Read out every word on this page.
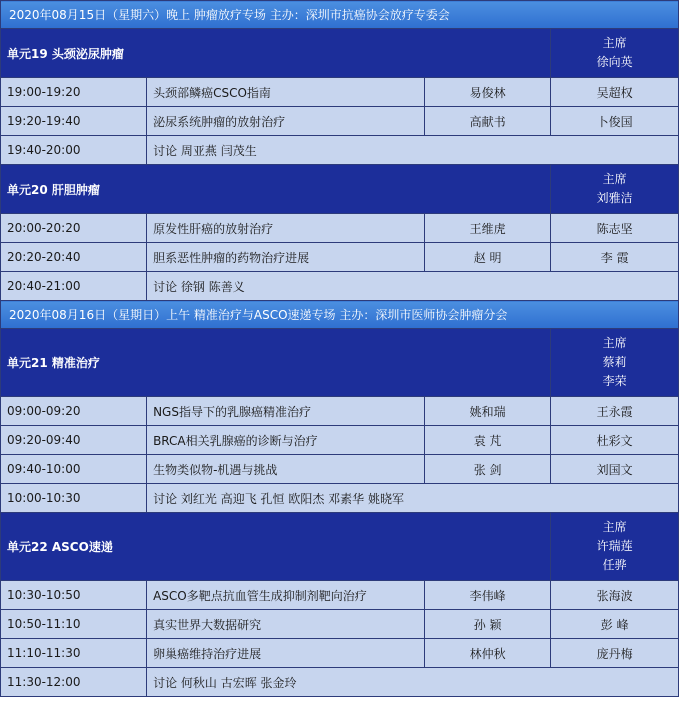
2020年08月15日（星期六）晚上 肿瘤放疗专场 主办：深圳市抗癌协会放疗专委会			
单元19 头颈泌尿肿瘤			主席
徐向英

19:00-19:20	头颈部鳞癌CSCO指南	易俊林	吴超权
19:20-19:40	泌尿系统肿瘤的放射治疗	高献书	卜俊国
19:40-20:00	讨论 周亚燕 闫茂生		
单元20 肝胆肿瘤			主席
刘雅洁

20:00-20:20	原发性肝癌的放射治疗	王维虎	陈志坚
20:20-20:40	胆系恶性肿瘤的药物治疗进展	赵 明	李 霞
20:40-21:00	讨论 徐钢 陈善义		
2020年08月16日（星期日）上午 精准治疗与ASCO速递专场 主办：深圳市医师协会肿瘤分会			
单元21 精准治疗			主席
蔡莉
李荣

09:00-09:20	NGS指导下的乳腺癌精准治疗	姚和瑞	王永霞
09:20-09:40	BRCA相关乳腺癌的诊断与治疗	袁 芃	杜彩文
09:40-10:00	生物类似物-机遇与挑战	张 剑	刘国文
10:00-10:30	讨论 刘红光 高迎飞 孔恒 欧阳杰 邓素华 姚晓军		
单元22 ASCO速递			主席
许瑞莲
任骅

10:30-10:50	ASCO多靶点抗血管生成抑制剂靶向治疗	李伟峰	张海波
10:50-11:10	真实世界大数据研究	孙 颖	彭 峰
11:10-11:30	卵巢癌维持治疗进展	林仲秋	庞丹梅
11:30-12:00	讨论 何秋山 古宏晖 张金玲		
